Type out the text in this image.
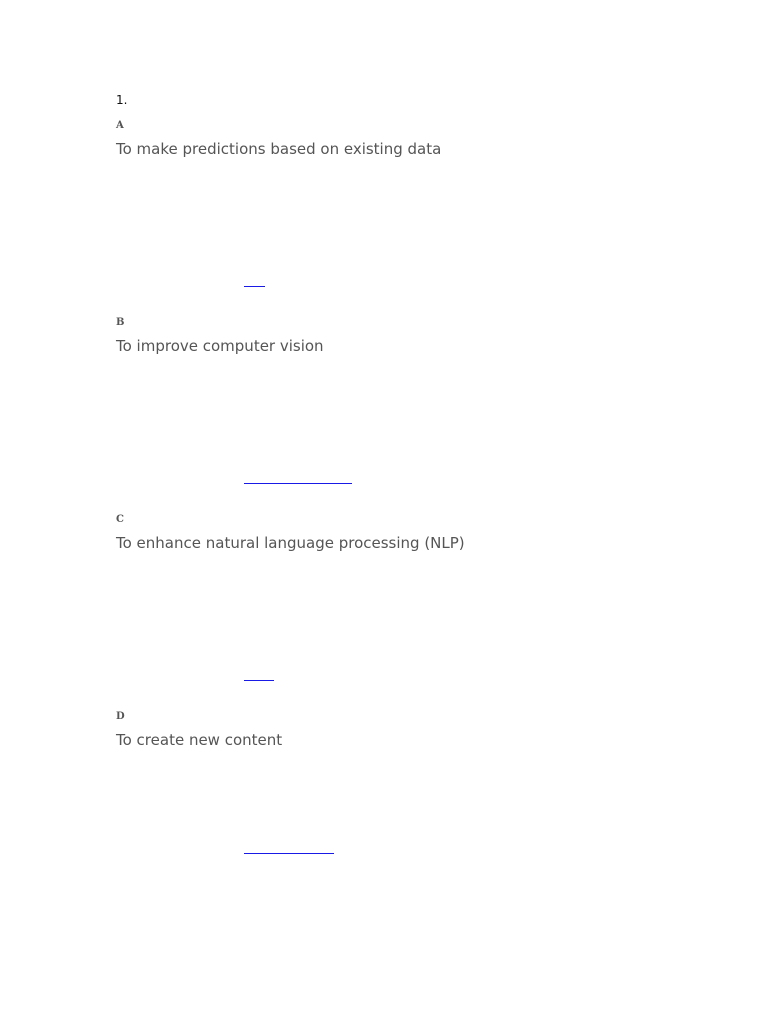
1.
A
To make predictions based on existing data
B
To improve computer vision
C
To enhance natural language processing (NLP)
D
To create new content
